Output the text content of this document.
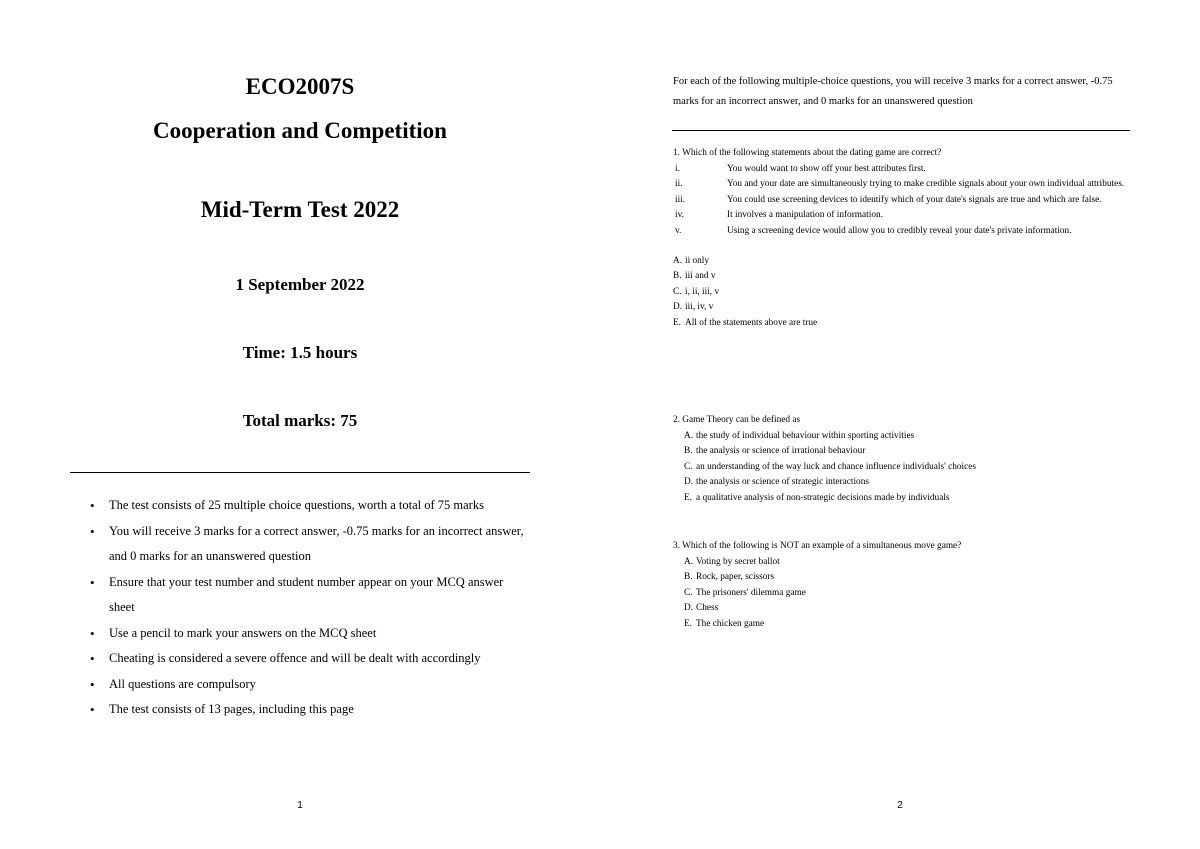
ECO2007S
Cooperation and Competition
Mid-Term Test 2022
1 September 2022
Time: 1.5 hours
Total marks: 75
• The test consists of 25 multiple choice questions, worth a total of 75 marks
• You will receive 3 marks for a correct answer, -0.75 marks for an incorrect answer, and 0 marks for an unanswered question
• Ensure that your test number and student number appear on your MCQ answer sheet
• Use a pencil to mark your answers on the MCQ sheet
• Cheating is considered a severe offence and will be dealt with accordingly
• All questions are compulsory
• The test consists of 13 pages, including this page
1

For each of the following multiple-choice questions, you will receive 3 marks for a correct answer, -0.75 marks for an incorrect answer, and 0 marks for an unanswered question

1. Which of the following statements about the dating game are correct?

i.	You would want to show off your best attributes first.
ii.	You and your date are simultaneously trying to make credible signals about your own individual attributes.
iii.	You could use screening devices to identify which of your date's signals are true and which are false.
iv.	It involves a manipulation of information.
v.	Using a screening device would allow you to credibly reveal your date's private information.
A. ii only
B. iii and v
C. i, ii, iii, v
D. iii, iv, v
E. All of the statements above are true

2. Game Theory can be defined as

A. the study of individual behaviour within sporting activities
B. the analysis or science of irrational behaviour
C. an understanding of the way luck and chance influence individuals' choices
D. the analysis or science of strategic interactions
E. a qualitative analysis of non-strategic decisions made by individuals

3. Which of the following is NOT an example of a simultaneous move game?

A. Voting by secret ballot
B. Rock, paper, scissors
C. The prisoners' dilemma game
D. Chess
E. The chicken game
2
